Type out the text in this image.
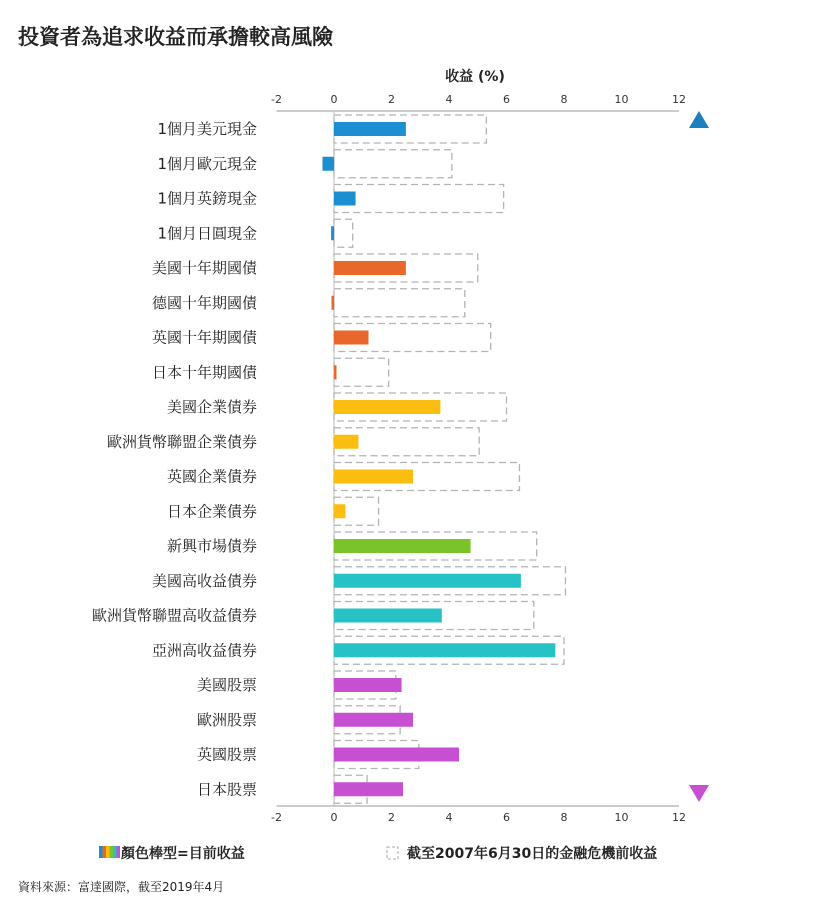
投資者為追求收益而承擔較高風險
收益 (%)
-2	0	2	4	6	8	10	12
-2	0	2	4	6	8	10	12
1個月美元現金
1個月歐元現金
1個月英鎊現金
1個月日圓現金
美國十年期國債
德國十年期國債
英國十年期國債
日本十年期國債
美國企業債券
歐洲貨幣聯盟企業債券
英國企業債券
日本企業債券
新興市場債券
美國高收益債券
歐洲貨幣聯盟高收益債券
亞洲高收益債券
美國股票
歐洲股票
英國股票
日本股票
顏色棒型=目前收益	截至2007年6月30日的金融危機前收益
資料來源：富達國際，截至2019年4月
